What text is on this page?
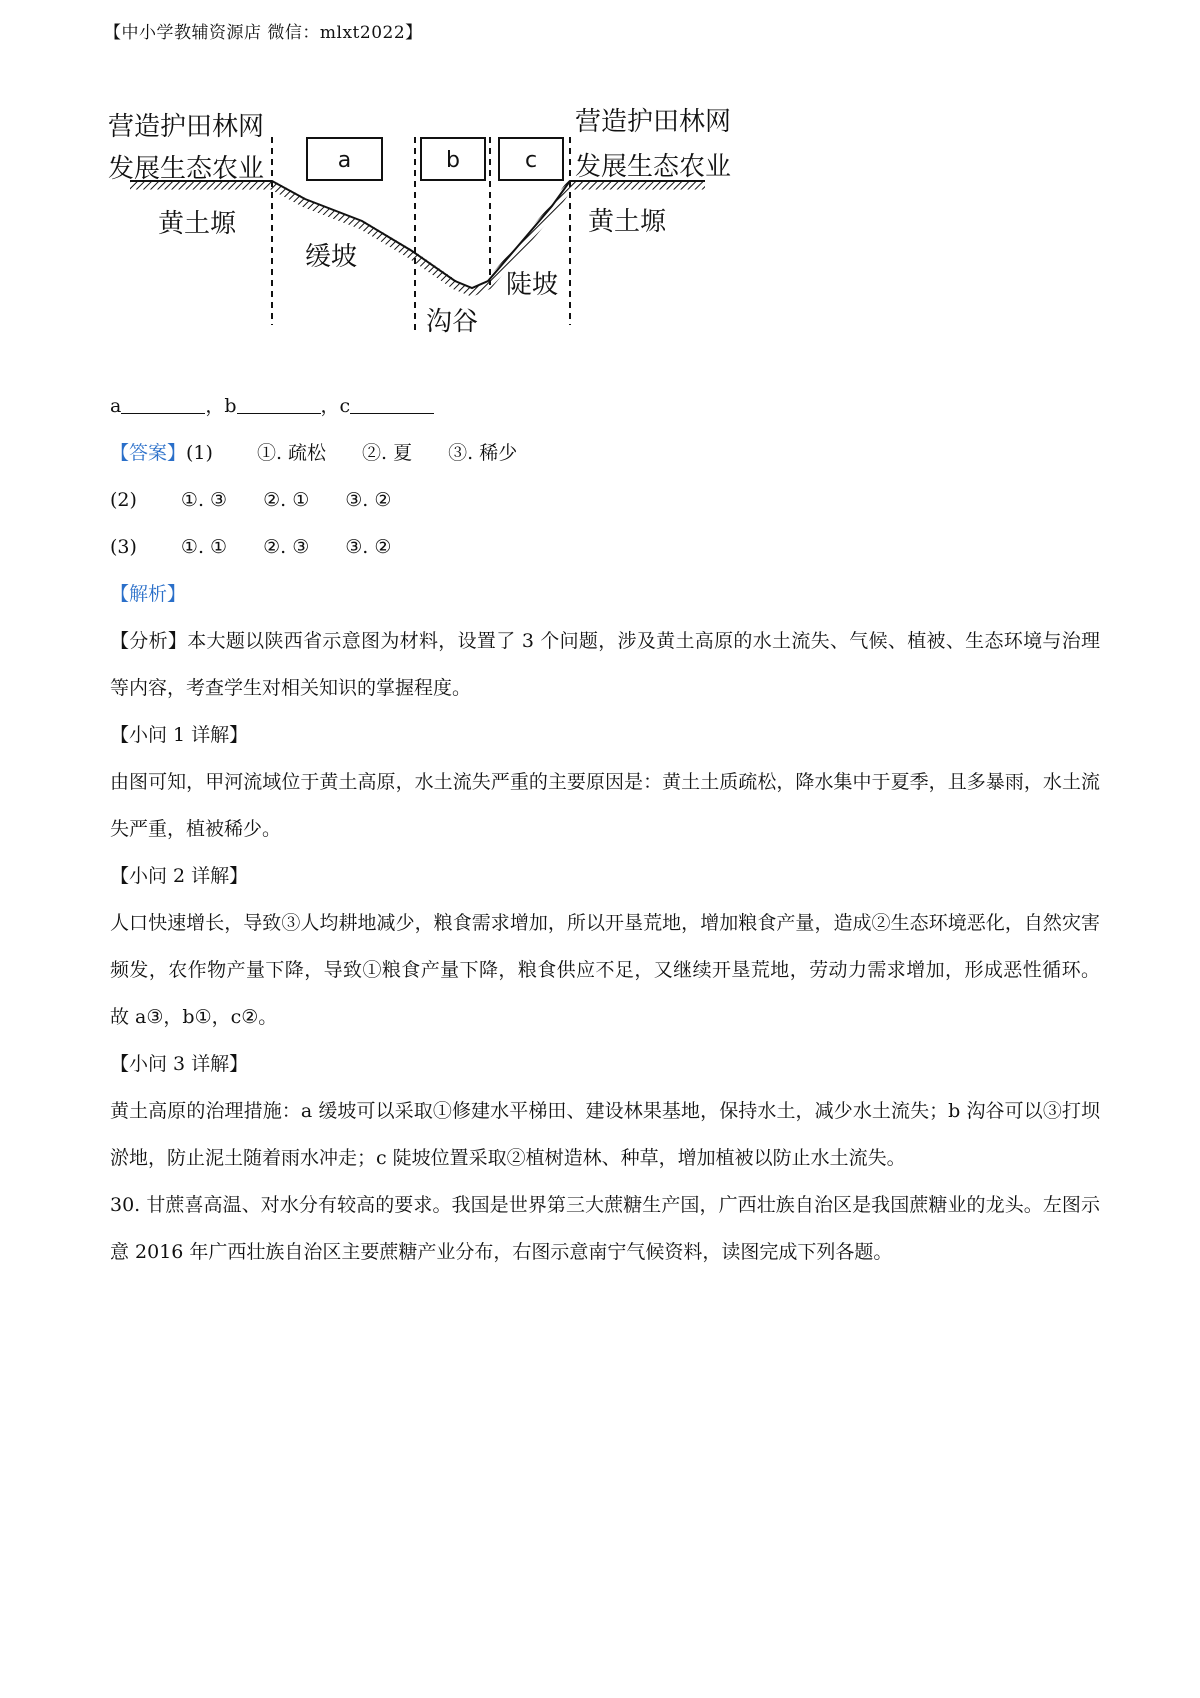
【中小学教辅资源店 微信：mlxt2022】
a	b	c
营造护田林网
发展生态农业
营造护田林网
发展生态农业
黄土塬	黄土塬
缓坡
沟谷
陡坡
a	，b	，c
【答案】(1) ①. 疏松 ②. 夏 ③. 稀少
(2) ①. ③ ②. ① ③. ②
(3) ①. ① ②. ③ ③. ②
【解析】
【分析】本大题以陕西省示意图为材料，设置了 3 个问题，涉及黄土高原的水土流失、气候、植被、生态环境与治理等内容，考查学生对相关知识的掌握程度。
【小问 1 详解】
由图可知，甲河流域位于黄土高原，水土流失严重的主要原因是：黄土土质疏松，降水集中于夏季，且多暴雨，水土流失严重，植被稀少。
【小问 2 详解】
人口快速增长，导致③人均耕地减少，粮食需求增加，所以开垦荒地，增加粮食产量，造成②生态环境恶化，自然灾害频发，农作物产量下降，导致①粮食产量下降，粮食供应不足，又继续开垦荒地，劳动力需求增加，形成恶性循环。 故 a③，b①，c②。
【小问 3 详解】
黄土高原的治理措施：a 缓坡可以采取①修建水平梯田、建设林果基地，保持水土，减少水土流失；b 沟谷可以③打坝淤地，防止泥土随着雨水冲走；c 陡坡位置采取②植树造林、种草，增加植被以防止水土流失。
30. 甘蔗喜高温、对水分有较高的要求。我国是世界第三大蔗糖生产国，广西壮族自治区是我国蔗糖业的龙头。左图示意 2016 年广西壮族自治区主要蔗糖产业分布，右图示意南宁气候资料，读图完成下列各题。
